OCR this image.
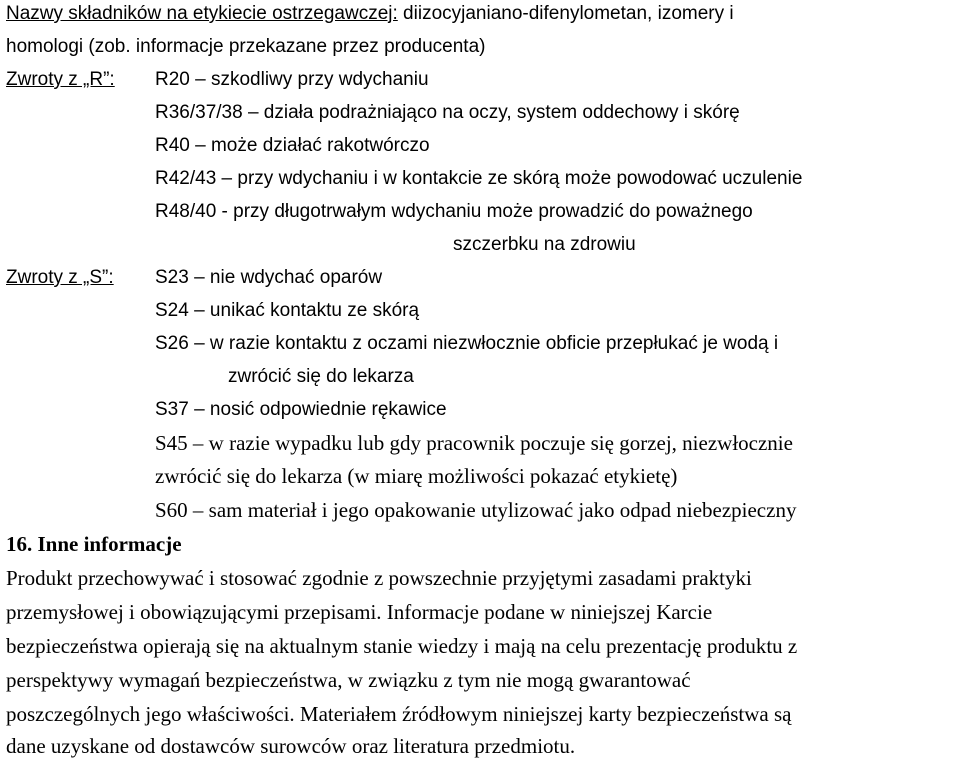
Nazwy składników na etykiecie ostrzegawczej: diizocyjaniano-difenylometan, izomery i
homologi (zob. informacje przekazane przez producenta)
Zwroty z „R”: R20 – szkodliwy przy wdychaniu
R36/37/38 – działa podrażniająco na oczy, system oddechowy i skórę
R40 – może działać rakotwórczo
R42/43 – przy wdychaniu i w kontakcie ze skórą może powodować uczulenie
R48/40 - przy długotrwałym wdychaniu może prowadzić do poważnego
szczerbku na zdrowiu
Zwroty z „S”: S23 – nie wdychać oparów
S24 – unikać kontaktu ze skórą
S26 – w razie kontaktu z oczami niezwłocznie obficie przepłukać je wodą i
zwrócić się do lekarza
S37 – nosić odpowiednie rękawice
S45 – w razie wypadku lub gdy pracownik poczuje się gorzej, niezwłocznie
zwrócić się do lekarza (w miarę możliwości pokazać etykietę)
S60 – sam materiał i jego opakowanie utylizować jako odpad niebezpieczny
16. Inne informacje
Produkt przechowywać i stosować zgodnie z powszechnie przyjętymi zasadami praktyki
przemysłowej i obowiązującymi przepisami. Informacje podane w niniejszej Karcie
bezpieczeństwa opierają się na aktualnym stanie wiedzy i mają na celu prezentację produktu z
perspektywy wymagań bezpieczeństwa, w związku z tym nie mogą gwarantować
poszczególnych jego właściwości. Materiałem źródłowym niniejszej karty bezpieczeństwa są
dane uzyskane od dostawców surowców oraz literatura przedmiotu.
